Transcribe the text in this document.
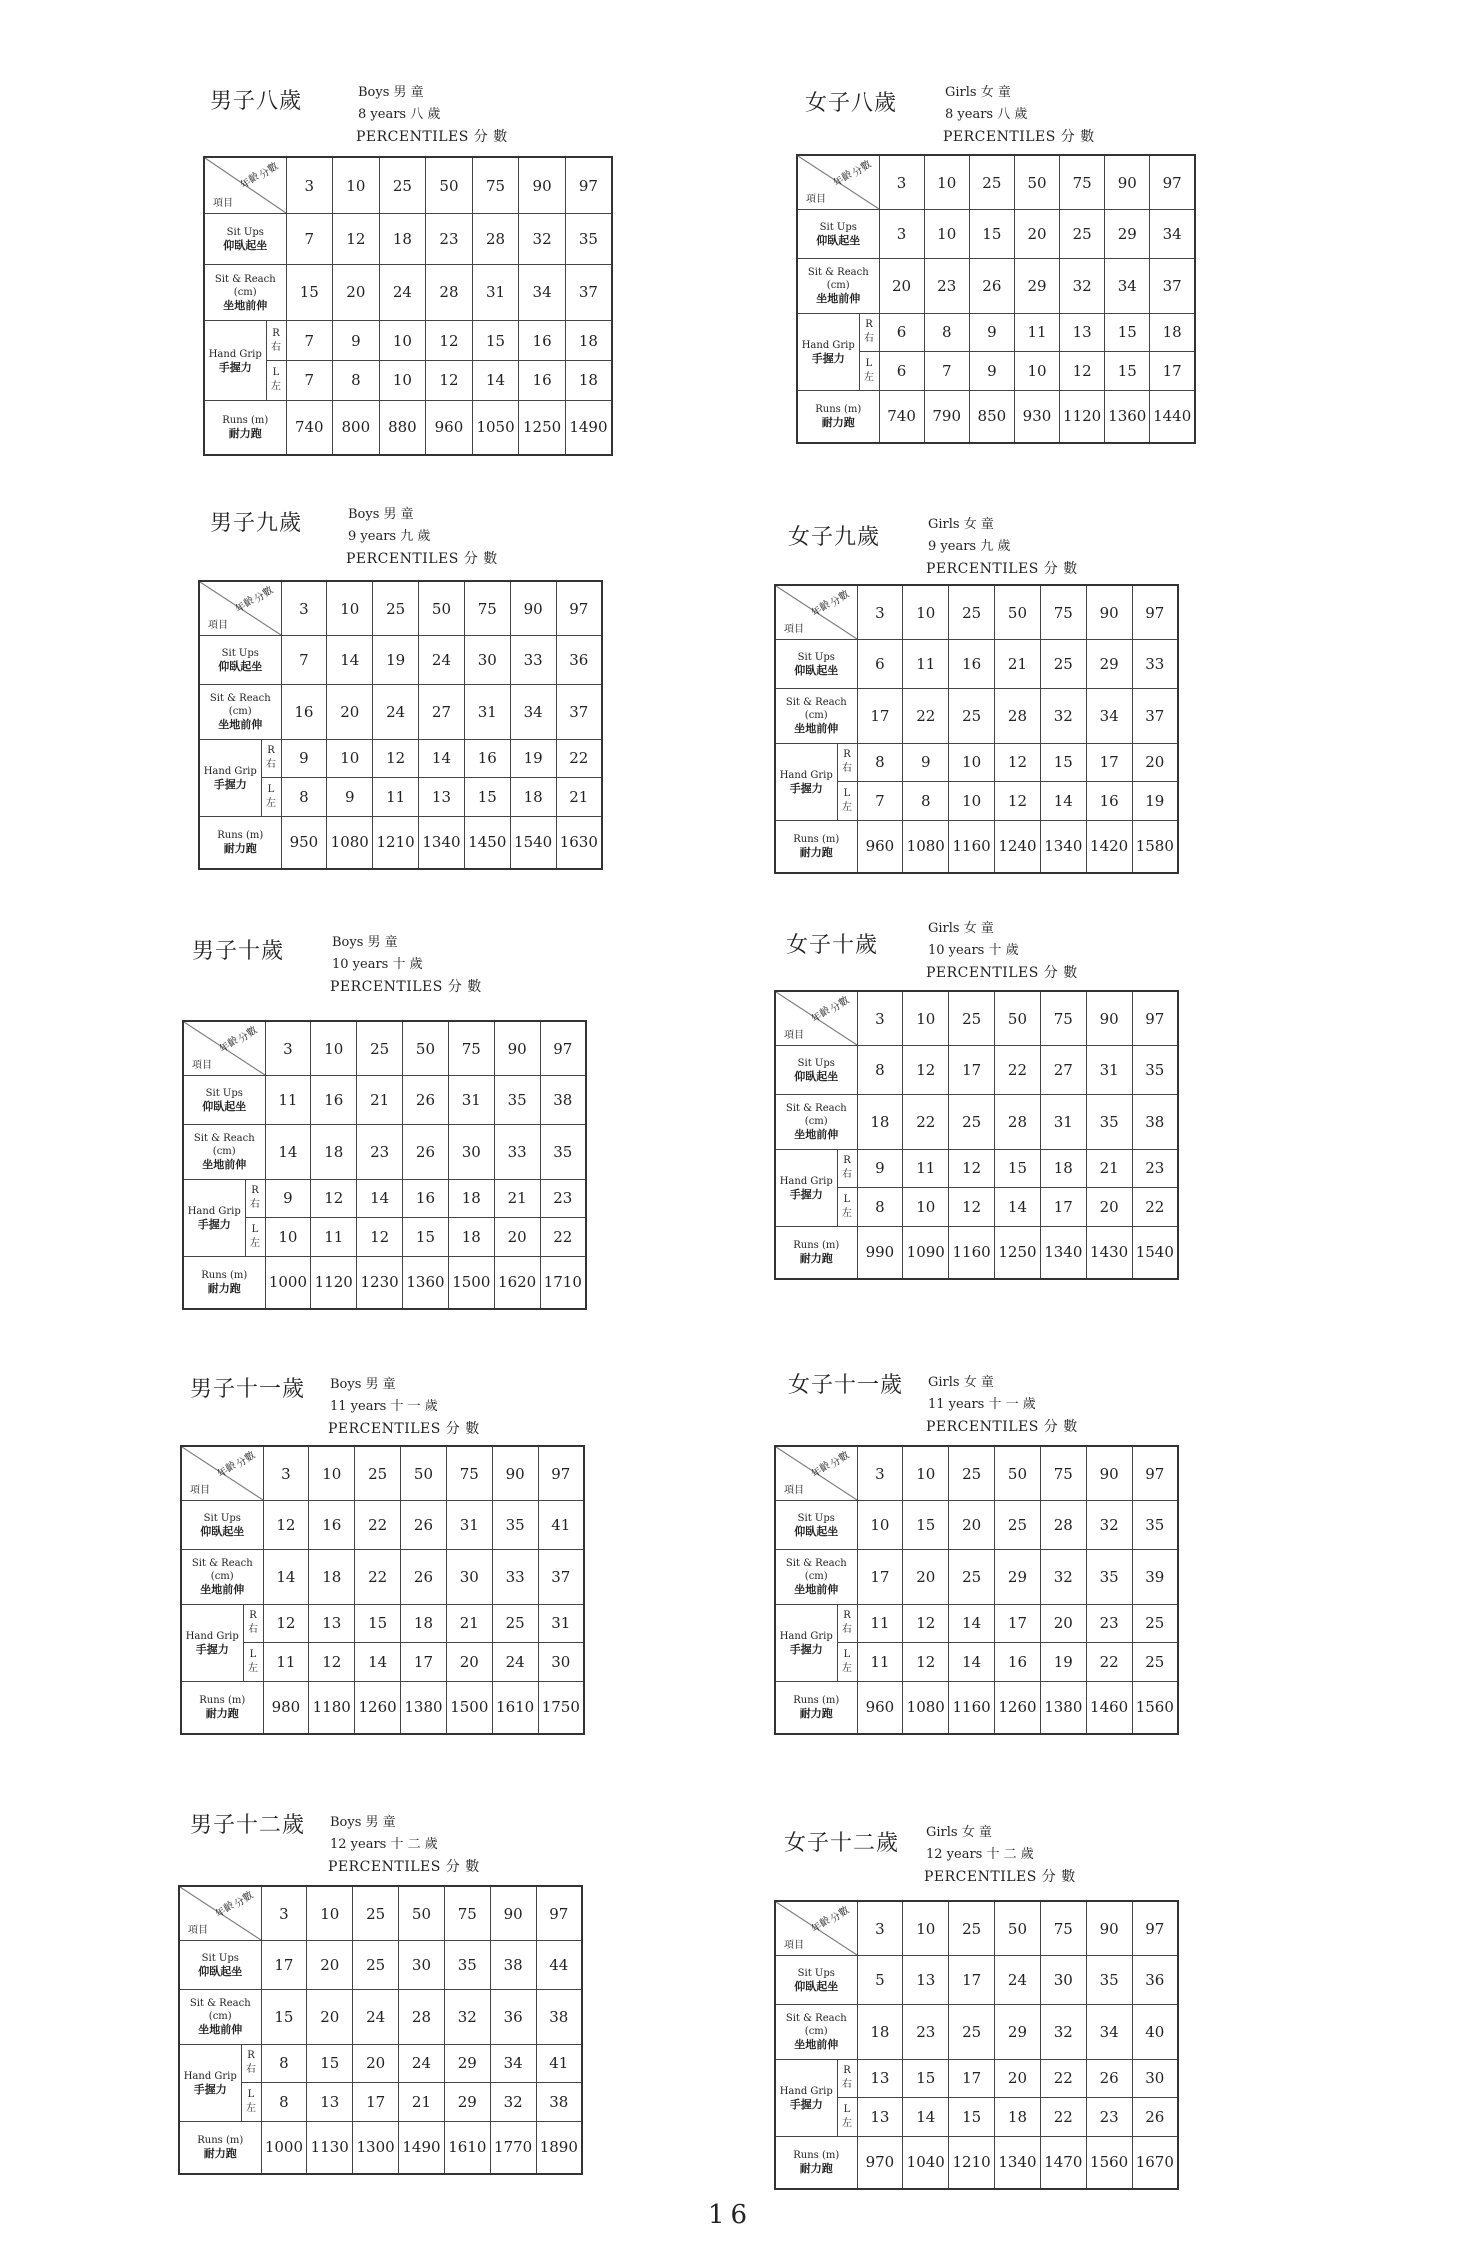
男子八歲	Boys 男 童
8 years 八 歲
PERCENTILES 分 數
項目
年齡
分數		3	10	25	50	75	90	97

Sit Ups
仰臥起坐		7	12	18	23	28	32	35

Sit & Reach (cm)
坐地前伸		15	20	24	28	31	34	37

Hand Grip
手握力	R 右	7	9	10	12	15	16	18
	L 左	7	8	10	12	14	16	18

Runs (m)
耐力跑		740	800	880	960	1050	1250	1490
女子八歲	Girls 女 童
8 years 八 歲
PERCENTILES 分 數
項目
年齡
分數		3	10	25	50	75	90	97

Sit Ups
仰臥起坐		3	10	15	20	25	29	34

Sit & Reach (cm)
坐地前伸		20	23	26	29	32	34	37

Hand Grip
手握力	R 右	6	8	9	11	13	15	18
	L 左	6	7	9	10	12	15	17

Runs (m)
耐力跑		740	790	850	930	1120	1360	1440
男子九歲	Boys 男 童
9 years 九 歲
PERCENTILES 分 數
項目
年齡
分數		3	10	25	50	75	90	97

Sit Ups
仰臥起坐		7	14	19	24	30	33	36

Sit & Reach (cm)
坐地前伸		16	20	24	27	31	34	37

Hand Grip
手握力	R 右	9	10	12	14	16	19	22
	L 左	8	9	11	13	15	18	21

Runs (m)
耐力跑		950	1080	1210	1340	1450	1540	1630
女子九歲
Girls 女 童
9 years 九 歲
PERCENTILES 分 數
項目
年齡
分數		3	10	25	50	75	90	97

Sit Ups
仰臥起坐		6	11	16	21	25	29	33

Sit & Reach (cm)
坐地前伸		17	22	25	28	32	34	37

Hand Grip
手握力	R 右	8	9	10	12	15	17	20
	L 左	7	8	10	12	14	16	19

Runs (m)
耐力跑		960	1080	1160	1240	1340	1420	1580
男子十歲	Boys 男 童
10 years 十 歲
PERCENTILES 分 數
項目
年齡
分數		3	10	25	50	75	90	97

Sit Ups
仰臥起坐		11	16	21	26	31	35	38

Sit & Reach (cm)
坐地前伸		14	18	23	26	30	33	35

Hand Grip
手握力	R 右	9	12	14	16	18	21	23
	L 左	10	11	12	15	18	20	22

Runs (m)
耐力跑		1000	1120	1230	1360	1500	1620	1710
女子十歲
Girls 女 童
10 years 十 歲
PERCENTILES 分 數
項目
年齡
分數		3	10	25	50	75	90	97

Sit Ups
仰臥起坐		8	12	17	22	27	31	35

Sit & Reach (cm)
坐地前伸		18	22	25	28	31	35	38

Hand Grip
手握力	R 右	9	11	12	15	18	21	23
	L 左	8	10	12	14	17	20	22

Runs (m)
耐力跑		990	1090	1160	1250	1340	1430	1540
男子十一歲 Boys 男 童
11 years 十 一 歲
PERCENTILES 分 數
項目
年齡
分數		3	10	25	50	75	90	97

Sit Ups
仰臥起坐		12	16	22	26	31	35	41

Sit & Reach (cm)
坐地前伸		14	18	22	26	30	33	37

Hand Grip
手握力	R 右	12	13	15	18	21	25	31
	L 左	11	12	14	17	20	24	30

Runs (m)
耐力跑		980	1180	1260	1380	1500	1610	1750
女子十一歲 Girls 女 童
11 years 十 一 歲
PERCENTILES 分 數
項目
年齡
分數		3	10	25	50	75	90	97

Sit Ups
仰臥起坐		10	15	20	25	28	32	35

Sit & Reach (cm)
坐地前伸		17	20	25	29	32	35	39

Hand Grip
手握力	R 右	11	12	14	17	20	23	25
	L 左	11	12	14	16	19	22	25

Runs (m)
耐力跑		960	1080	1160	1260	1380	1460	1560
男子十二歲 Boys 男 童
12 years 十 二 歲
PERCENTILES 分 數
項目
年齡
分數		3	10	25	50	75	90	97

Sit Ups
仰臥起坐		17	20	25	30	35	38	44

Sit & Reach (cm)
坐地前伸		15	20	24	28	32	36	38

Hand Grip
手握力	R 右	8	15	20	24	29	34	41
	L 左	8	13	17	21	29	32	38

Runs (m)
耐力跑		1000	1130	1300	1490	1610	1770	1890
女子十二歲 Girls 女 童
12 years 十 二 歲
PERCENTILES 分 數
項目
年齡
分數		3	10	25	50	75	90	97

Sit Ups
仰臥起坐		5	13	17	24	30	35	36

Sit & Reach (cm)
坐地前伸		18	23	25	29	32	34	40

Hand Grip
手握力	R 右	13	15	17	20	22	26	30
	L 左	13	14	15	18	22	23	26

Runs (m)
耐力跑		970	1040	1210	1340	1470	1560	1670
16
